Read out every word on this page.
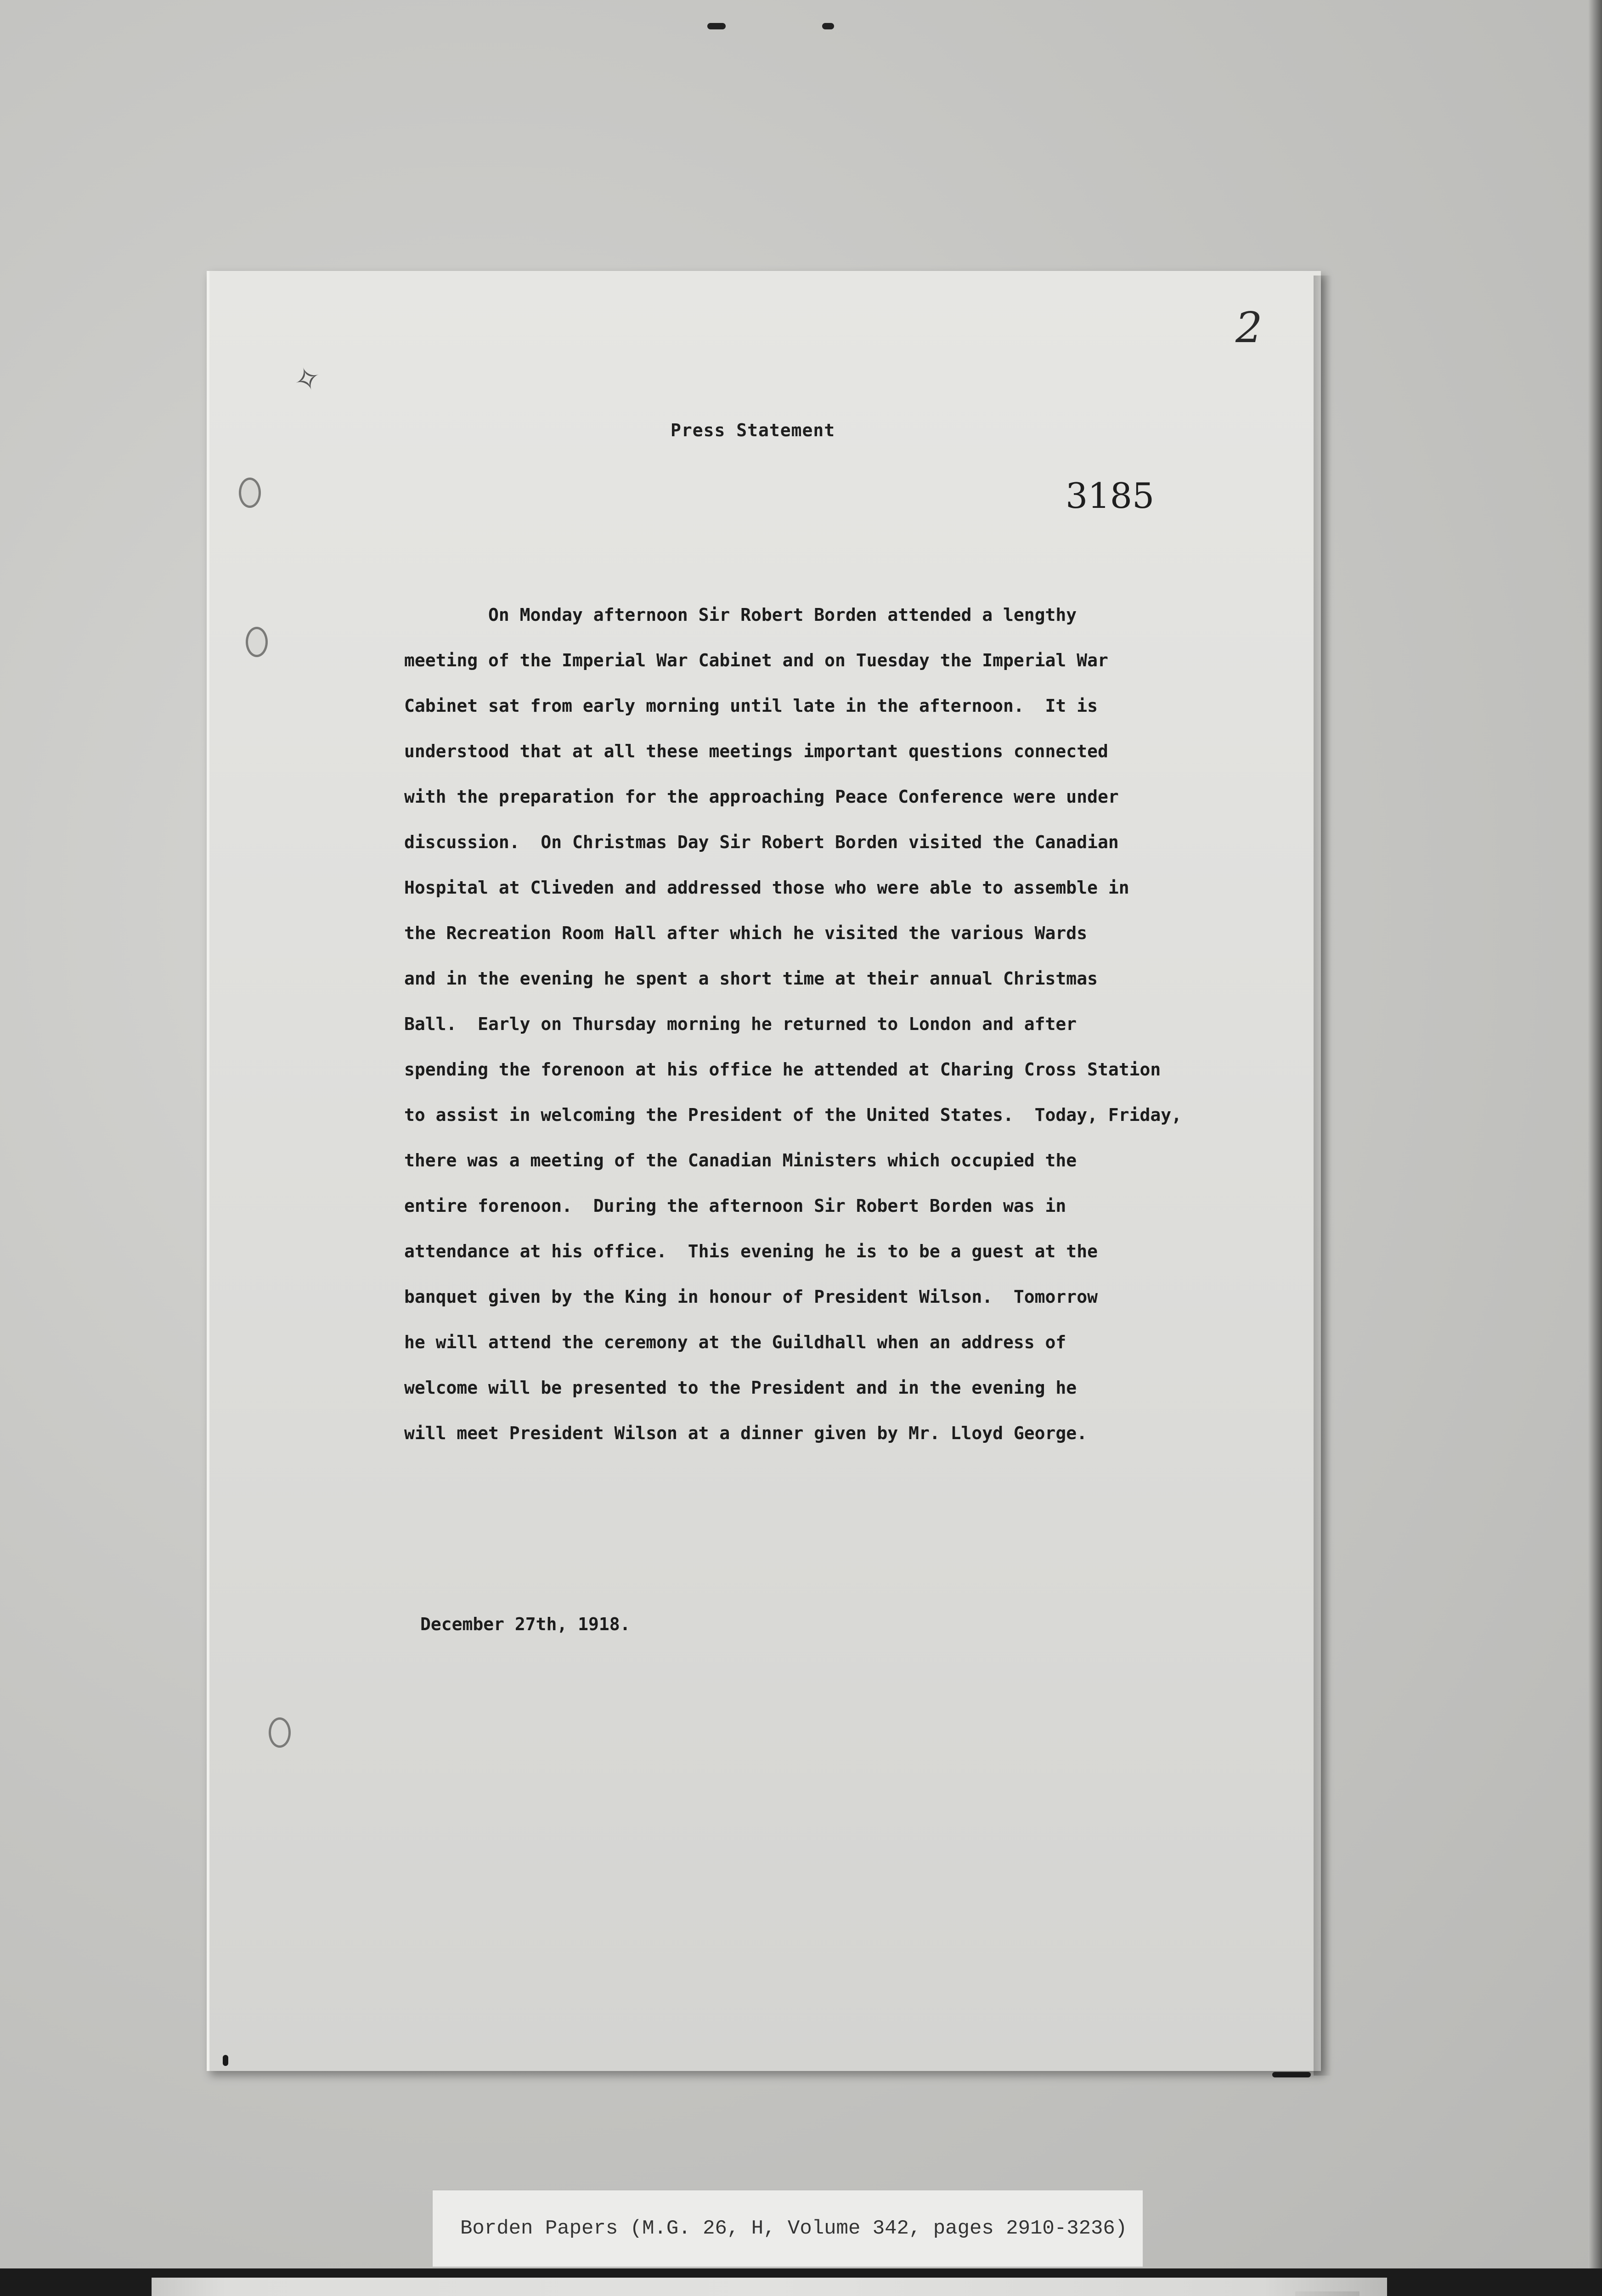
✧
2
Press Statement
3185
On Monday afternoon Sir Robert Borden attended a lengthy
meeting of the Imperial War Cabinet and on Tuesday the Imperial War
Cabinet sat from early morning until late in the afternoon.  It is
understood that at all these meetings important questions connected
with the preparation for the approaching Peace Conference were under
discussion.  On Christmas Day Sir Robert Borden visited the Canadian
Hospital at Cliveden and addressed those who were able to assemble in
the Recreation Room Hall after which he visited the various Wards
and in the evening he spent a short time at their annual Christmas
Ball.  Early on Thursday morning he returned to London and after
spending the forenoon at his office he attended at Charing Cross Station
to assist in welcoming the President of the United States.  Today, Friday,
there was a meeting of the Canadian Ministers which occupied the
entire forenoon.  During the afternoon Sir Robert Borden was in
attendance at his office.  This evening he is to be a guest at the
banquet given by the King in honour of President Wilson.  Tomorrow
he will attend the ceremony at the Guildhall when an address of
welcome will be presented to the President and in the evening he
will meet President Wilson at a dinner given by Mr. Lloyd George.
December 27th, 1918.
Borden Papers (M.G. 26, H, Volume 342, pages 2910-3236)
